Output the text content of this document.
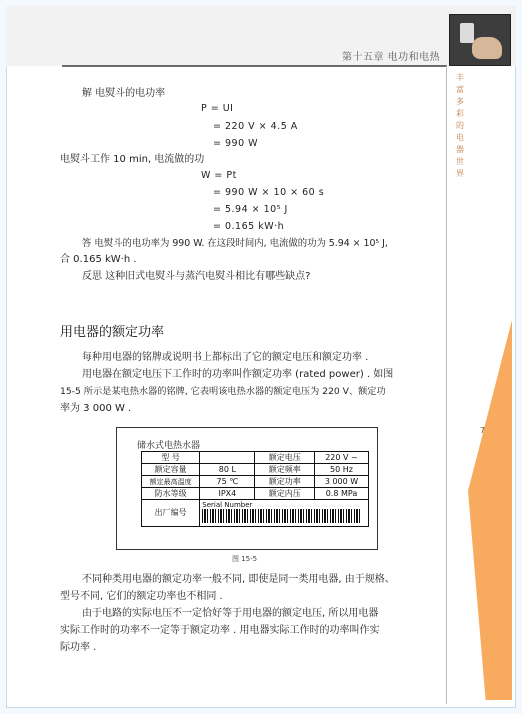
第十五章 电功和电热
丰
富
多
彩
的
电
器
世
界
7
解 电熨斗的电功率
P = UI
= 220 V × 4.5 A
= 990 W
电熨斗工作 10 min, 电流做的功
W = Pt
= 990 W × 10 × 60 s
= 5.94 × 10⁵ J
= 0.165 kW·h
答 电熨斗的电功率为 990 W. 在这段时间内, 电流做的功为 5.94 × 10⁵ J,
合 0.165 kW·h .
反思 这种旧式电熨斗与蒸汽电熨斗相比有哪些缺点?
用电器的额定功率
每种用电器的铭牌或说明书上都标出了它的额定电压和额定功率 .
用电器在额定电压下工作时的功率叫作额定功率 (rated power) . 如图
15-5 所示是某电热水器的铭牌, 它表明该电热水器的额定电压为 220 V、额定功
率为 3 000 W .
储水式电热水器
型 号		额定电压	220 V ~
额定容量	80 L	额定频率	50 Hz
额定最高温度	75 ℃	额定功率	3 000 W
防水等级	IPX4	额定内压	0.8 MPa
出厂编号	Serial Number		
图 15-5
不同种类用电器的额定功率一般不同, 即使是同一类用电器, 由于规格、
型号不同, 它们的额定功率也不相同 .
由于电路的实际电压不一定恰好等于用电器的额定电压, 所以用电器
实际工作时的功率不一定等于额定功率 . 用电器实际工作时的功率叫作实
际功率 .
